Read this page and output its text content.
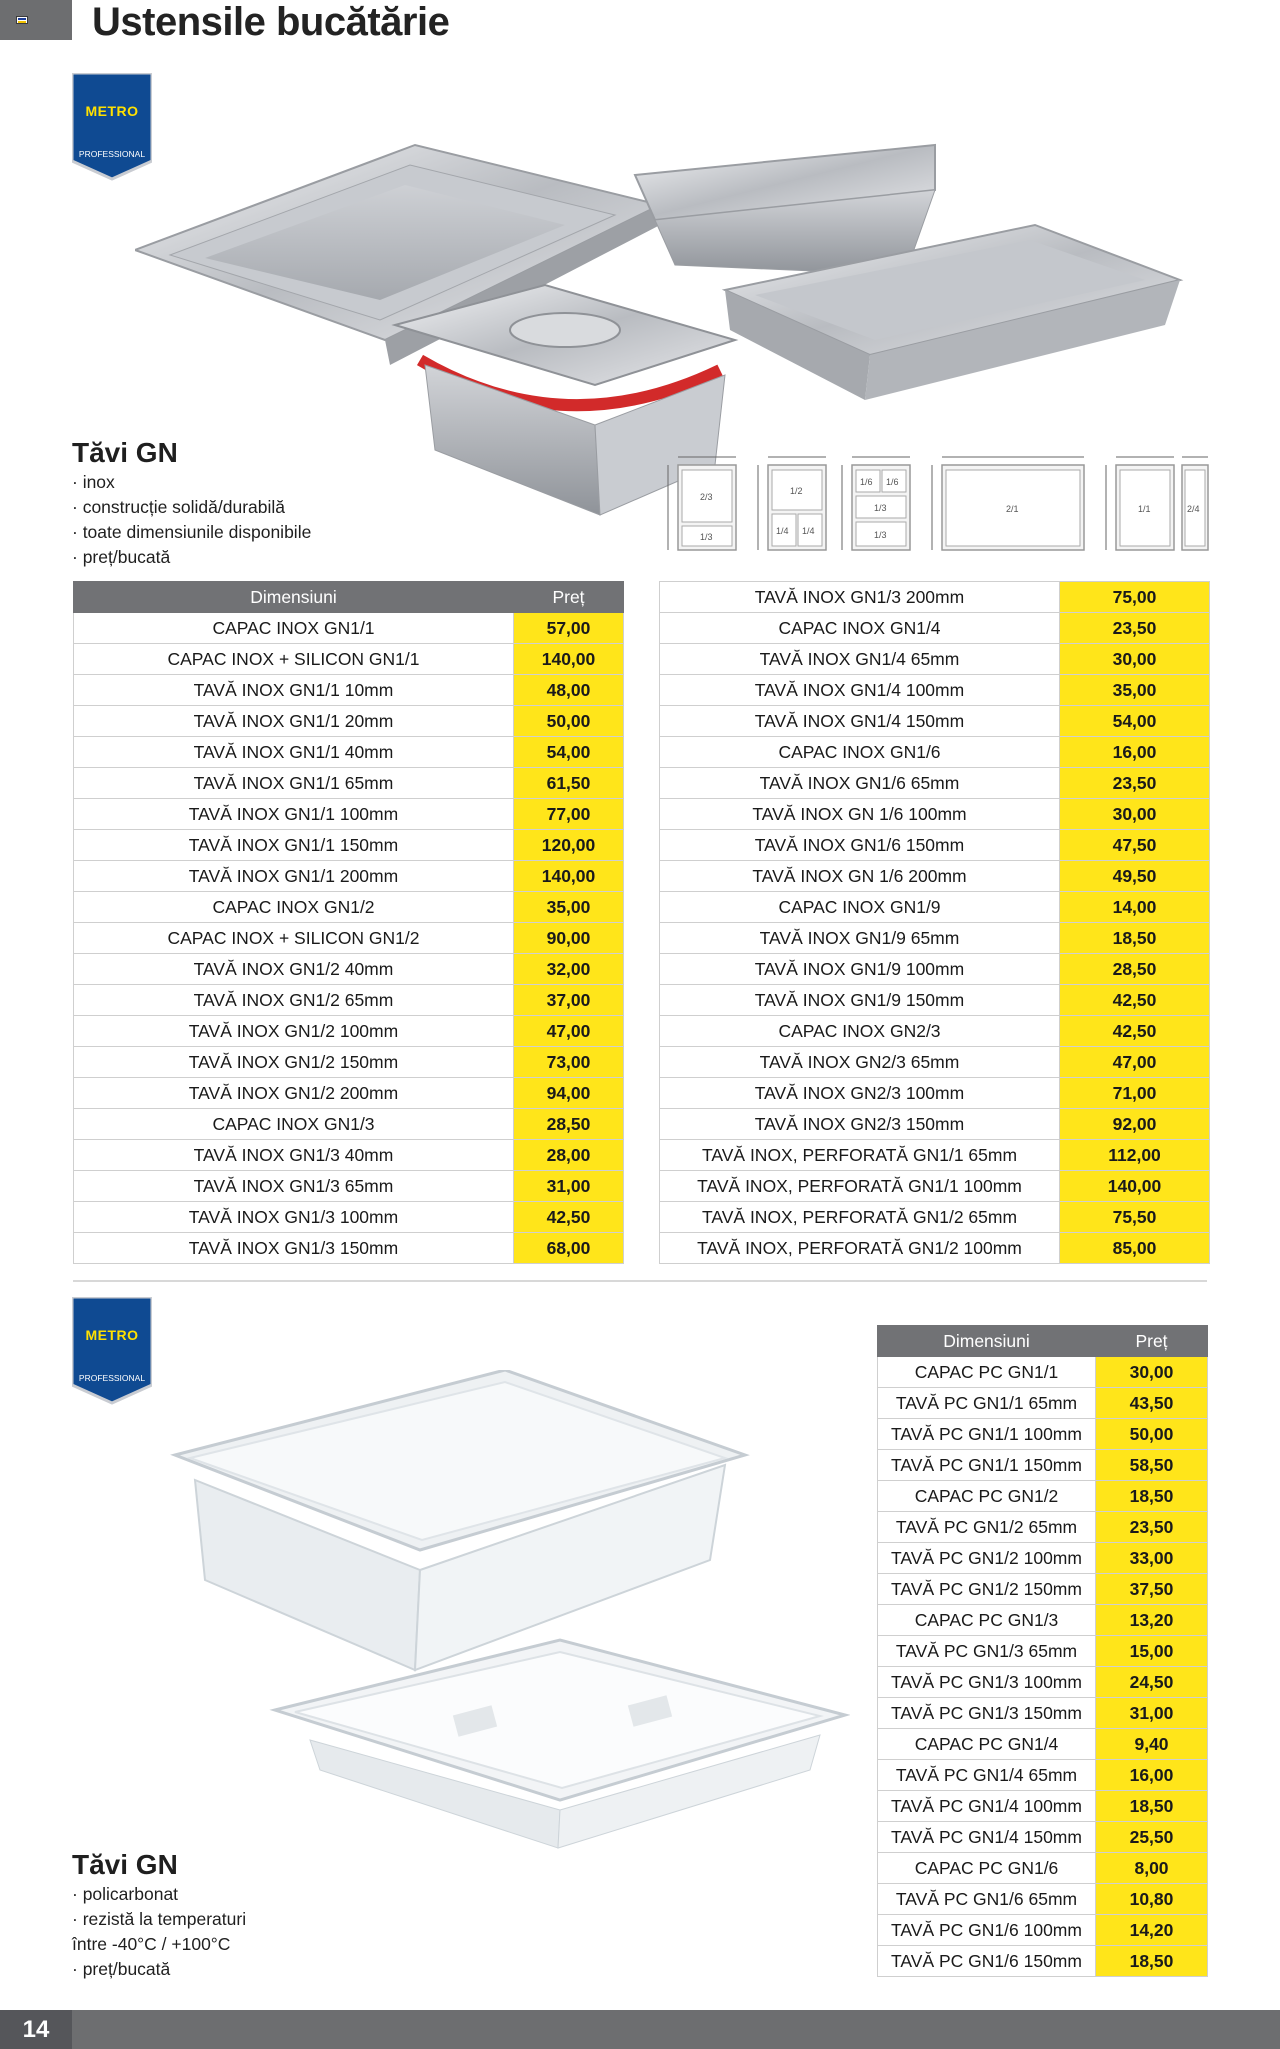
Ustensile bucătărie
METRO
PROFESSIONAL
Tăvi GN
· inox
· construcție solidă/durabilă
· toate dimensiunile disponibile
· preț/bucată
2/3
1/3
1/2
1/4 1/4
1/6 1/6
1/3
1/3
2/1	1/1	2/4
Dimensiuni	Preț
CAPAC INOX GN1/1	57,00
CAPAC INOX + SILICON GN1/1	140,00
TAVĂ INOX GN1/1 10mm	48,00
TAVĂ INOX GN1/1 20mm	50,00
TAVĂ INOX GN1/1 40mm	54,00
TAVĂ INOX GN1/1 65mm	61,50
TAVĂ INOX GN1/1 100mm	77,00
TAVĂ INOX GN1/1 150mm	120,00
TAVĂ INOX GN1/1 200mm	140,00
CAPAC INOX GN1/2	35,00
CAPAC INOX + SILICON GN1/2	90,00
TAVĂ INOX GN1/2 40mm	32,00
TAVĂ INOX GN1/2 65mm	37,00
TAVĂ INOX GN1/2 100mm	47,00
TAVĂ INOX GN1/2 150mm	73,00
TAVĂ INOX GN1/2 200mm	94,00
CAPAC INOX GN1/3	28,50
TAVĂ INOX GN1/3 40mm	28,00
TAVĂ INOX GN1/3 65mm	31,00
TAVĂ INOX GN1/3 100mm	42,50
TAVĂ INOX GN1/3 150mm	68,00
TAVĂ INOX GN1/3 200mm	75,00
CAPAC INOX GN1/4	23,50
TAVĂ INOX GN1/4 65mm	30,00
TAVĂ INOX GN1/4 100mm	35,00
TAVĂ INOX GN1/4 150mm	54,00
CAPAC INOX GN1/6	16,00
TAVĂ INOX GN1/6 65mm	23,50
TAVĂ INOX GN 1/6 100mm	30,00
TAVĂ INOX GN1/6 150mm	47,50
TAVĂ INOX GN 1/6 200mm	49,50
CAPAC INOX GN1/9	14,00
TAVĂ INOX GN1/9 65mm	18,50
TAVĂ INOX GN1/9 100mm	28,50
TAVĂ INOX GN1/9 150mm	42,50
CAPAC INOX GN2/3	42,50
TAVĂ INOX GN2/3 65mm	47,00
TAVĂ INOX GN2/3 100mm	71,00
TAVĂ INOX GN2/3 150mm	92,00
TAVĂ INOX, PERFORATĂ GN1/1 65mm	112,00
TAVĂ INOX, PERFORATĂ GN1/1 100mm	140,00
TAVĂ INOX, PERFORATĂ GN1/2 65mm	75,50
TAVĂ INOX, PERFORATĂ GN1/2 100mm	85,00
METRO
PROFESSIONAL
Tăvi GN
· policarbonat
· rezistă la temperaturi
între -40°C / +100°C
· preț/bucată
Dimensiuni	Preț
CAPAC PC GN1/1	30,00
TAVĂ PC GN1/1 65mm	43,50
TAVĂ PC GN1/1 100mm	50,00
TAVĂ PC GN1/1 150mm	58,50
CAPAC PC GN1/2	18,50
TAVĂ PC GN1/2 65mm	23,50
TAVĂ PC GN1/2 100mm	33,00
TAVĂ PC GN1/2 150mm	37,50
CAPAC PC GN1/3	13,20
TAVĂ PC GN1/3 65mm	15,00
TAVĂ PC GN1/3 100mm	24,50
TAVĂ PC GN1/3 150mm	31,00
CAPAC PC GN1/4	9,40
TAVĂ PC GN1/4 65mm	16,00
TAVĂ PC GN1/4 100mm	18,50
TAVĂ PC GN1/4 150mm	25,50
CAPAC PC GN1/6	8,00
TAVĂ PC GN1/6 65mm	10,80
TAVĂ PC GN1/6 100mm	14,20
TAVĂ PC GN1/6 150mm	18,50
14
